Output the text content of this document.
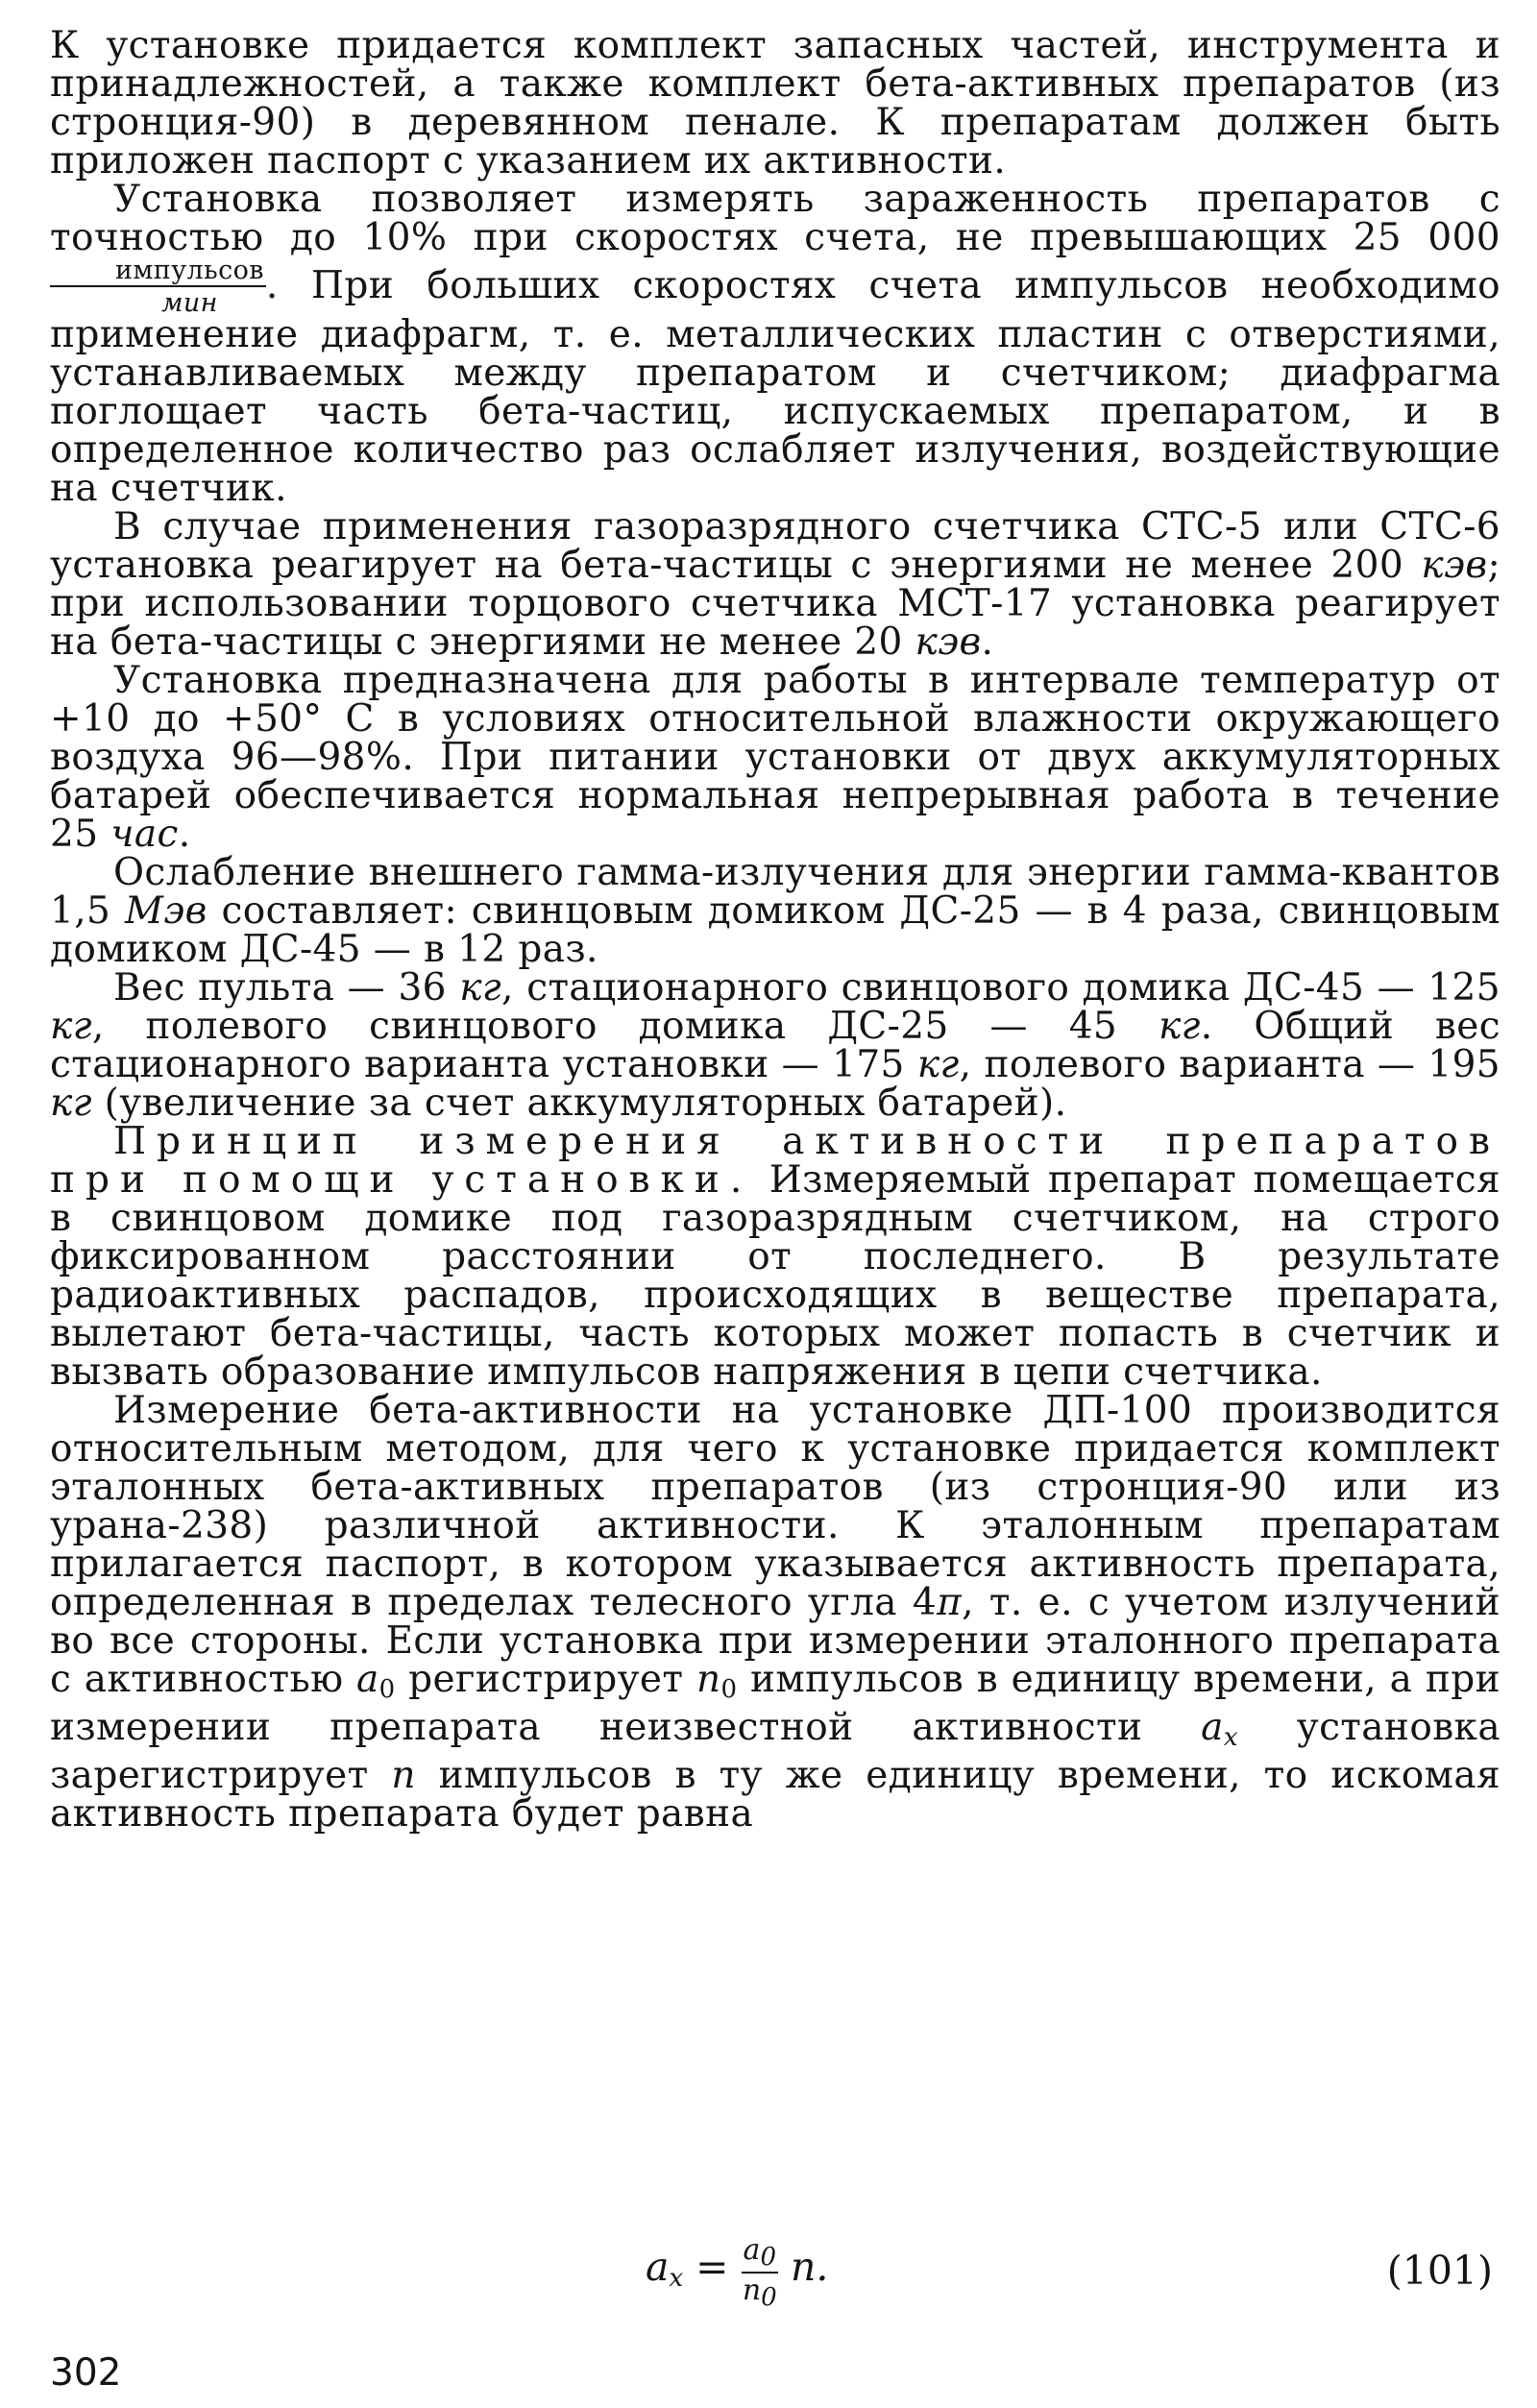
К установке придается комплект запасных частей, инструмента и принадлежностей, а также комплект бета-активных препаратов (из стронция-90) в деревянном пенале. К препаратам должен быть приложен паспорт с указанием их активности.

Установка позволяет измерять зараженность препаратов с точностью до 10% при скоростях счета, не превышающих 25 000
$\frac{\text{импульсов}}{\text{мин}}$ . При больших скоростях счета импульсов необходимо применение диафрагм, т. е. металлических пластин с отверстиями, устанавливаемых между препаратом и счетчиком; диафрагма поглощает часть бета-частиц, испускаемых препаратом, и в определенное количество раз ослабляет излучения, воздействующие на счетчик.

В случае применения газоразрядного счетчика СТС-5 или СТС-6 установка реагирует на бета-частицы с энергиями не менее 200 кэв; при использовании торцового счетчика МСТ-17 установка реагирует на бета-частицы с энергиями не менее 20 кэв.

Установка предназначена для работы в интервале температур от +10 до +50° С в условиях относительной влажности окружающего воздуха 96—98%. При питании установки от двух аккумуляторных батарей обеспечивается нормальная непрерывная работа в течение 25 час.

Ослабление внешнего гамма-излучения для энергии гамма-квантов 1,5 Мэв составляет: свинцовым домиком ДС-25 — в 4 раза, свинцовым домиком ДС-45 — в 12 раз.

Вес пульта — 36 кг, стационарного свинцового домика ДС-45 — 125 кг, полевого свинцового домика ДС-25 — 45 кг. Общий вес стационарного варианта установки — 175 кг, полевого варианта — 195 кг (увеличение за счет аккумуляторных батарей).

Принцип измерения активности препаратов при помощи установки. Измеряемый препарат помещается в свинцовом домике под газоразрядным счетчиком, на строго фиксированном расстоянии от последнего. В результате радиоактивных распадов, происходящих в веществе препарата, вылетают бета-частицы, часть которых может попасть в счетчик и вызвать образование импульсов напряжения в цепи счетчика.

Измерение бета-активности на установке ДП-100 производится относительным методом, для чего к установке придается комплект эталонных бета-активных препаратов (из стронция-90 или из урана-238) различной активности. К эталонным препаратам прилагается паспорт, в котором указывается активность препарата, определенная в пределах телесного угла 4π, т. е. с учетом излучений во все стороны. Если установка при измерении эталонного препарата с активностью $a_0$ регистрирует $n_0$ импульсов в единицу времени, а при измерении препарата неизвестной активности $a_x$ установка зарегистрирует n импульсов в ту же единицу времени, то искомая активность препарата будет равна

$a_x = \frac{a0}{n0} n$.	(101)
302
